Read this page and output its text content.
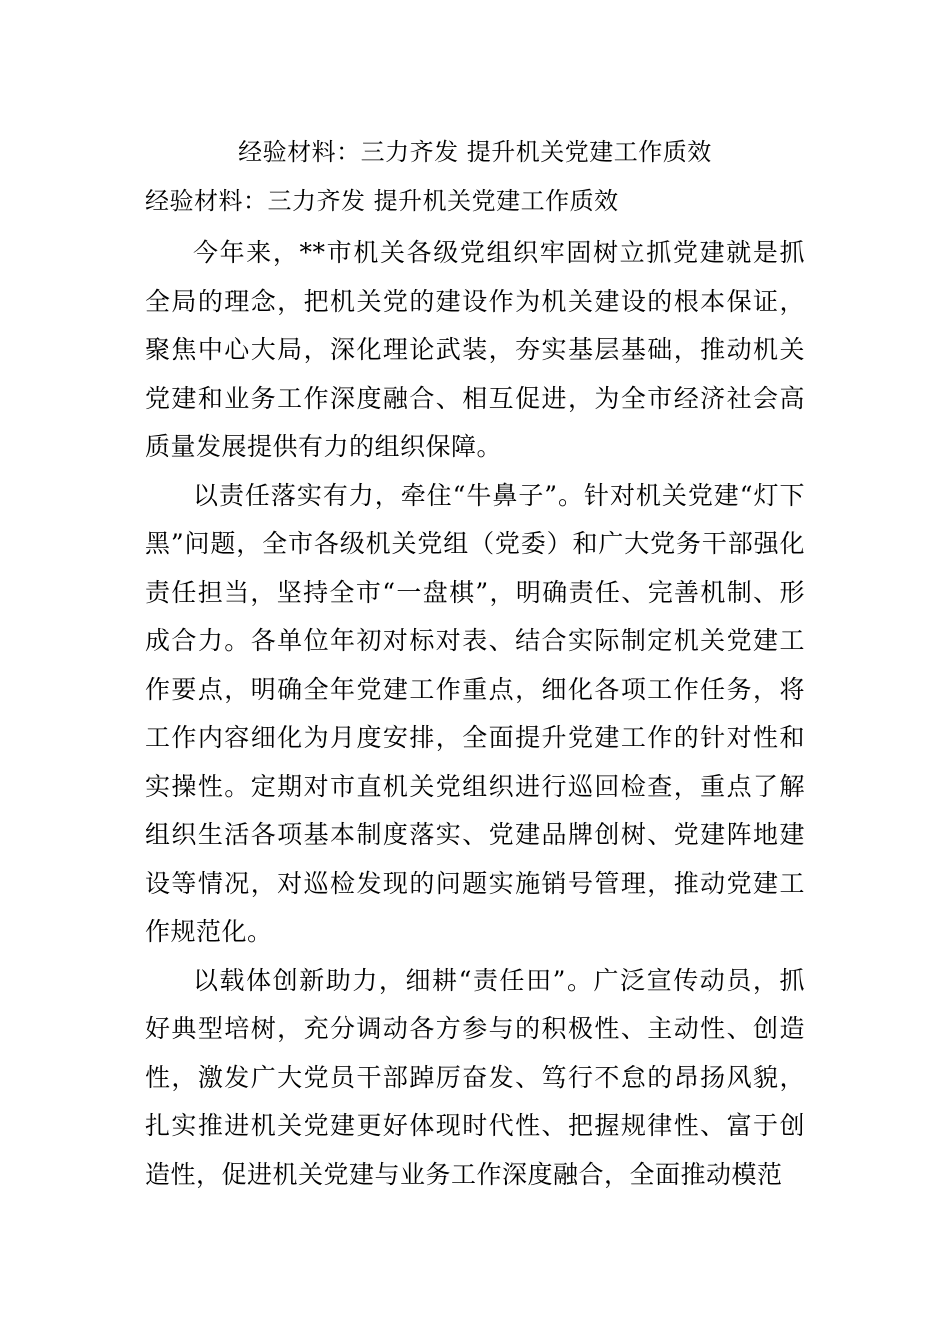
经验材料：三力齐发 提升机关党建工作质效
经验材料：三力齐发 提升机关党建工作质效

今年来，**市机关各级党组织牢固树立抓党建就是抓全局的理念，把机关党的建设作为机关建设的根本保证，聚焦中心大局，深化理论武装，夯实基层基础，推动机关党建和业务工作深度融合、相互促进，为全市经济社会高质量发展提供有力的组织保障。

以责任落实有力，牵住“牛鼻子”。针对机关党建“灯下黑”问题，全市各级机关党组（党委）和广大党务干部强化责任担当，坚持全市“一盘棋”，明确责任、完善机制、形成合力。各单位年初对标对表、结合实际制定机关党建工作要点，明确全年党建工作重点，细化各项工作任务，将工作内容细化为月度安排，全面提升党建工作的针对性和实操性。定期对市直机关党组织进行巡回检查，重点了解组织生活各项基本制度落实、党建品牌创树、党建阵地建设等情况，对巡检发现的问题实施销号管理，推动党建工作规范化。

以载体创新助力，细耕“责任田”。广泛宣传动员，抓好典型培树，充分调动各方参与的积极性、主动性、创造性，激发广大党员干部踔厉奋发、笃行不怠的昂扬风貌，扎实推进机关党建更好体现时代性、把握规律性、富于创造性，促进机关党建与业务工作深度融合，全面推动模范
